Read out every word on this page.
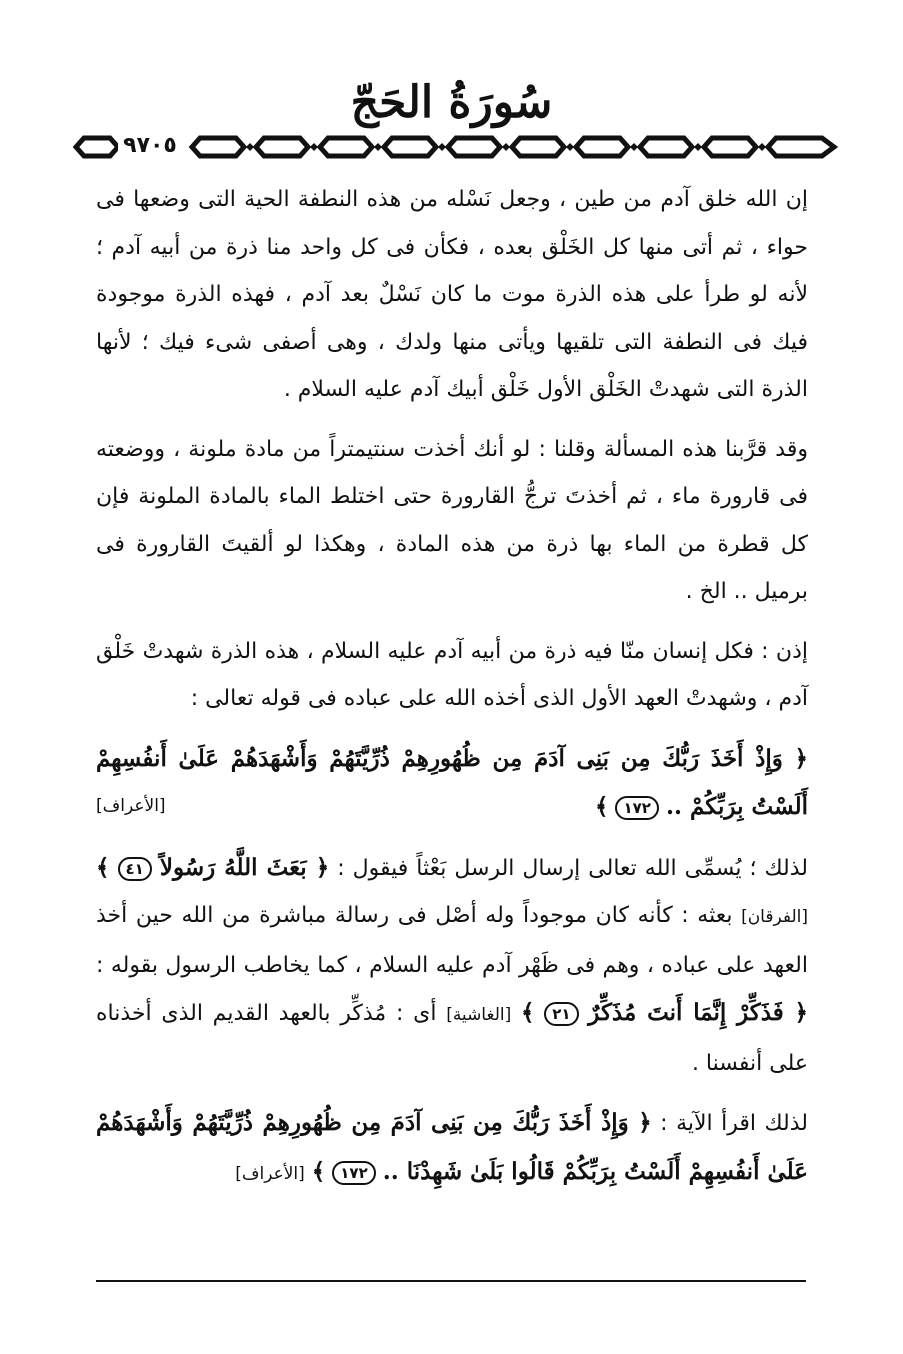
سُورَةُ الحَجّ
٩٧٠٥

إن الله خلق آدم من طين ، وجعل نَسْله من هذه النطفة الحية التى وضعها فى حواء ، ثم أتى منها كل الخَلْق بعده ، فكأن فى كل واحد منا ذرة من أبيه آدم ؛ لأنه لو طرأ على هذه الذرة موت ما كان نَسْلٌ بعد آدم ، فهذه الذرة موجودة فيك فى النطفة التى تلقيها ويأتى منها ولدك ، وهى أصفى شىء فيك ؛ لأنها الذرة التى شهدتْ الخَلْق الأول خَلْق أبيك آدم عليه السلام .

وقد قرَّبنا هذه المسألة وقلنا : لو أنك أخذت سنتيمتراً من مادة ملونة ، ووضعته فى قارورة ماء ، ثم أخذتَ ترجُّ القارورة حتى اختلط الماء بالمادة الملونة فإن كل قطرة من الماء بها ذرة من هذه المادة ، وهكذا لو ألقيتَ القارورة فى برميل .. الخ .

إذن : فكل إنسان منّا فيه ذرة من أبيه آدم عليه السلام ، هذه الذرة شهدتْ خَلْق آدم ، وشهدتْ العهد الأول الذى أخذه الله على عباده فى قوله تعالى :

﴿ وَإِذْ أَخَذَ رَبُّكَ مِن بَنِى آدَمَ مِن ظُهُورِهِمْ ذُرِّيَّتَهُمْ وَأَشْهَدَهُمْ عَلَىٰ أَنفُسِهِمْ أَلَسْتُ بِرَبِّكُمْ .. ١٧٢ ﴾
[الأعراف]

لذلك ؛ يُسمِّى الله تعالى إرسال الرسل بَعْثاً فيقول : ﴿ بَعَثَ اللَّهُ رَسُولاً ٤١ ﴾ [الفرقان] بعثه : كأنه كان موجوداً وله أصْل فى رسالة مباشرة من الله حين أخذ العهد على عباده ، وهم فى ظَهْر آدم عليه السلام ، كما يخاطب الرسول بقوله : ﴿ فَذَكِّرْ إِنَّمَا أَنتَ مُذَكِّرٌ ٢١ ﴾ [الغاشية] أى : مُذكِّر بالعهد القديم الذى أخذناه على أنفسنا .

لذلك اقرأ الآية : ﴿ وَإِذْ أَخَذَ رَبُّكَ مِن بَنِى آدَمَ مِن ظُهُورِهِمْ ذُرِّيَّتَهُمْ وَأَشْهَدَهُمْ عَلَىٰ أَنفُسِهِمْ أَلَسْتُ بِرَبِّكُمْ قَالُوا بَلَىٰ شَهِدْنَا .. ١٧٢ ﴾ [الأعراف]
